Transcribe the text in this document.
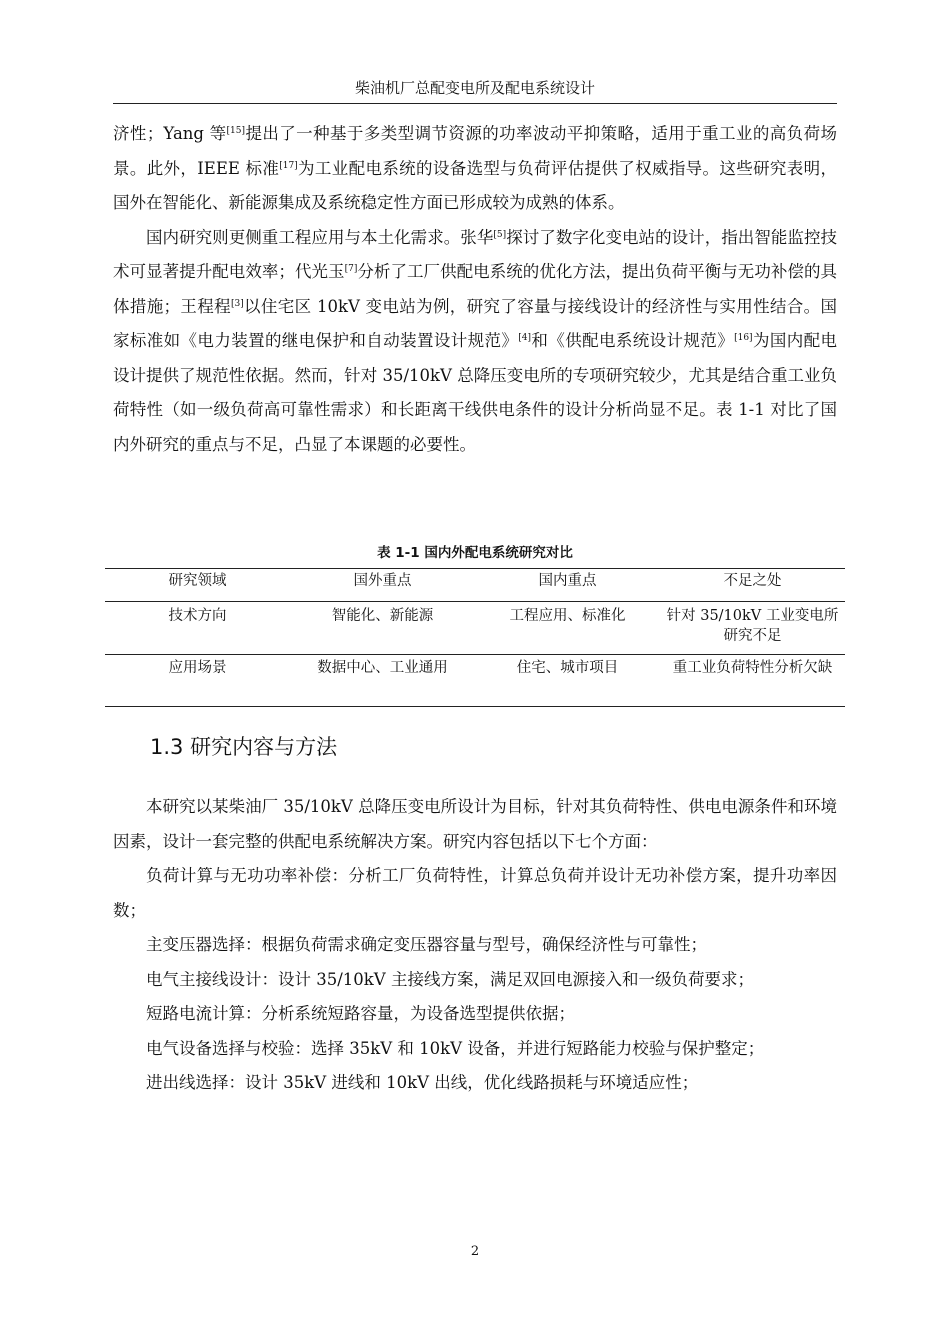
柴油机厂总配变电所及配电系统设计

济性；Yang 等[15]提出了一种基于多类型调节资源的功率波动平抑策略，适用于重工业的高负荷场景。此外，IEEE 标准[17]为工业配电系统的设备选型与负荷评估提供了权威指导。这些研究表明，国外在智能化、新能源集成及系统稳定性方面已形成较为成熟的体系。

国内研究则更侧重工程应用与本土化需求。张华[5]探讨了数字化变电站的设计，指出智能监控技术可显著提升配电效率；代光玉[7]分析了工厂供配电系统的优化方法，提出负荷平衡与无功补偿的具体措施；王程程[3]以住宅区 10kV 变电站为例，研究了容量与接线设计的经济性与实用性结合。国家标准如《电力装置的继电保护和自动装置设计规范》[4]和《供配电系统设计规范》[16]为国内配电设计提供了规范性依据。然而，针对 35/10kV 总降压变电所的专项研究较少，尤其是结合重工业负荷特性（如一级负荷高可靠性需求）和长距离干线供电条件的设计分析尚显不足。表 1-1 对比了国内外研究的重点与不足，凸显了本课题的必要性。

表 1-1 国内外配电系统研究对比
研究领域	国外重点	国内重点	不足之处
技术方向	智能化、新能源	工程应用、标准化	针对 35/10kV 工业变电所研究不足
应用场景	数据中心、工业通用	住宅、城市项目	重工业负荷特性分析欠缺
1.3 研究内容与方法

本研究以某柴油厂 35/10kV 总降压变电所设计为目标，针对其负荷特性、供电电源条件和环境因素，设计一套完整的供配电系统解决方案。研究内容包括以下七个方面：

负荷计算与无功功率补偿：分析工厂负荷特性，计算总负荷并设计无功补偿方案，提升功率因数；

主变压器选择：根据负荷需求确定变压器容量与型号，确保经济性与可靠性；

电气主接线设计：设计 35/10kV 主接线方案，满足双回电源接入和一级负荷要求；

短路电流计算：分析系统短路容量，为设备选型提供依据；

电气设备选择与校验：选择 35kV 和 10kV 设备，并进行短路能力校验与保护整定；

进出线选择：设计 35kV 进线和 10kV 出线，优化线路损耗与环境适应性；

2
